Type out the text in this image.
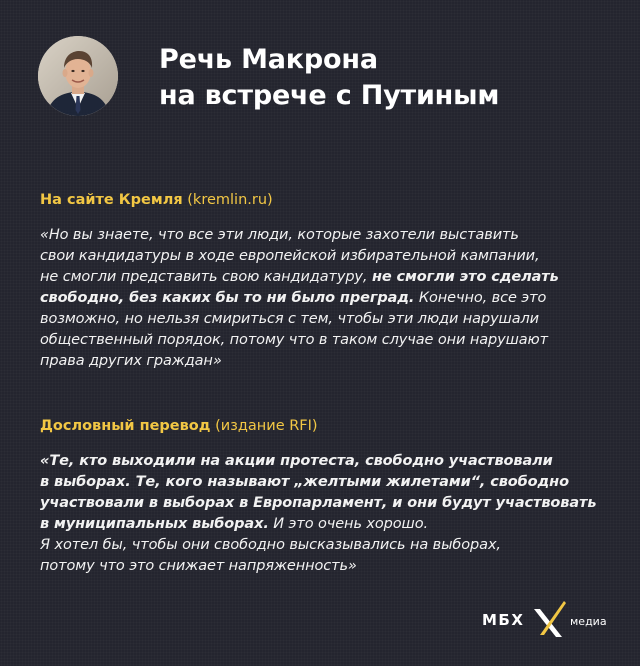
Речь Макрона
на встрече с Путиным

На сайте Кремля (kremlin.ru)

«Но вы знаете, что все эти люди, которые захотели выставить
свои кандидатуры в ходе европейской избирательной кампании,
не смогли представить свою кандидатуру, не смогли это сделать
свободно, без каких бы то ни было преград. Конечно, все это
возможно, но нельзя смириться с тем, чтобы эти люди нарушали
общественный порядок, потому что в таком случае они нарушают
права других граждан»

Дословный перевод (издание RFI)

«Те, кто выходили на акции протеста, свободно участвовали
в выборах. Те, кого называют „желтыми жилетами“, свободно
участвовали в выборах в Европарламент, и они будут участвовать
в муниципальных выборах. И это очень хорошо.
Я хотел бы, чтобы они свободно высказывались на выборах,
потому что это снижает напряженность»

МБХ	медиа
